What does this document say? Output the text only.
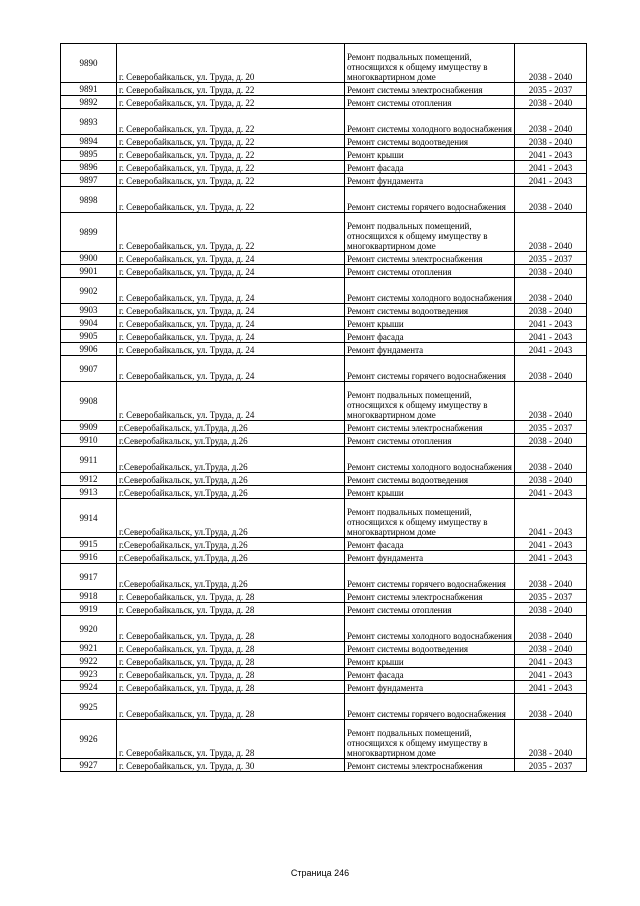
9890	г. Северобайкальск, ул. Труда, д. 20	Ремонт подвальных помещений, относящихся к общему имуществу в многоквартирном доме	2038 - 2040
9891	г. Северобайкальск, ул. Труда, д. 22	Ремонт системы электроснабжения	2035 - 2037
9892	г. Северобайкальск, ул. Труда, д. 22	Ремонт системы отопления	2038 - 2040
9893	г. Северобайкальск, ул. Труда, д. 22	Ремонт системы холодного водоснабжения	2038 - 2040
9894	г. Северобайкальск, ул. Труда, д. 22	Ремонт системы водоотведения	2038 - 2040
9895	г. Северобайкальск, ул. Труда, д. 22	Ремонт крыши	2041 - 2043
9896	г. Северобайкальск, ул. Труда, д. 22	Ремонт фасада	2041 - 2043
9897	г. Северобайкальск, ул. Труда, д. 22	Ремонт фундамента	2041 - 2043
9898	г. Северобайкальск, ул. Труда, д. 22	Ремонт системы горячего водоснабжения	2038 - 2040
9899	г. Северобайкальск, ул. Труда, д. 22	Ремонт подвальных помещений, относящихся к общему имуществу в многоквартирном доме	2038 - 2040
9900	г. Северобайкальск, ул. Труда, д. 24	Ремонт системы электроснабжения	2035 - 2037
9901	г. Северобайкальск, ул. Труда, д. 24	Ремонт системы отопления	2038 - 2040
9902	г. Северобайкальск, ул. Труда, д. 24	Ремонт системы холодного водоснабжения	2038 - 2040
9903	г. Северобайкальск, ул. Труда, д. 24	Ремонт системы водоотведения	2038 - 2040
9904	г. Северобайкальск, ул. Труда, д. 24	Ремонт крыши	2041 - 2043
9905	г. Северобайкальск, ул. Труда, д. 24	Ремонт фасада	2041 - 2043
9906	г. Северобайкальск, ул. Труда, д. 24	Ремонт фундамента	2041 - 2043
9907	г. Северобайкальск, ул. Труда, д. 24	Ремонт системы горячего водоснабжения	2038 - 2040
9908	г. Северобайкальск, ул. Труда, д. 24	Ремонт подвальных помещений, относящихся к общему имуществу в многоквартирном доме	2038 - 2040
9909	г.Северобайкальск, ул.Труда, д.26	Ремонт системы электроснабжения	2035 - 2037
9910	г.Северобайкальск, ул.Труда, д.26	Ремонт системы отопления	2038 - 2040
9911	г.Северобайкальск, ул.Труда, д.26	Ремонт системы холодного водоснабжения	2038 - 2040
9912	г.Северобайкальск, ул.Труда, д.26	Ремонт системы водоотведения	2038 - 2040
9913	г.Северобайкальск, ул.Труда, д.26	Ремонт крыши	2041 - 2043
9914	г.Северобайкальск, ул.Труда, д.26	Ремонт подвальных помещений, относящихся к общему имуществу в многоквартирном доме	2041 - 2043
9915	г.Северобайкальск, ул.Труда, д.26	Ремонт фасада	2041 - 2043
9916	г.Северобайкальск, ул.Труда, д.26	Ремонт фундамента	2041 - 2043
9917	г.Северобайкальск, ул.Труда, д.26	Ремонт системы горячего водоснабжения	2038 - 2040
9918	г. Северобайкальск, ул. Труда, д. 28	Ремонт системы электроснабжения	2035 - 2037
9919	г. Северобайкальск, ул. Труда, д. 28	Ремонт системы отопления	2038 - 2040
9920	г. Северобайкальск, ул. Труда, д. 28	Ремонт системы холодного водоснабжения	2038 - 2040
9921	г. Северобайкальск, ул. Труда, д. 28	Ремонт системы водоотведения	2038 - 2040
9922	г. Северобайкальск, ул. Труда, д. 28	Ремонт крыши	2041 - 2043
9923	г. Северобайкальск, ул. Труда, д. 28	Ремонт фасада	2041 - 2043
9924	г. Северобайкальск, ул. Труда, д. 28	Ремонт фундамента	2041 - 2043
9925	г. Северобайкальск, ул. Труда, д. 28	Ремонт системы горячего водоснабжения	2038 - 2040
9926	г. Северобайкальск, ул. Труда, д. 28	Ремонт подвальных помещений, относящихся к общему имуществу в многоквартирном доме	2038 - 2040
9927	г. Северобайкальск, ул. Труда, д. 30	Ремонт системы электроснабжения	2035 - 2037
Страница 246
